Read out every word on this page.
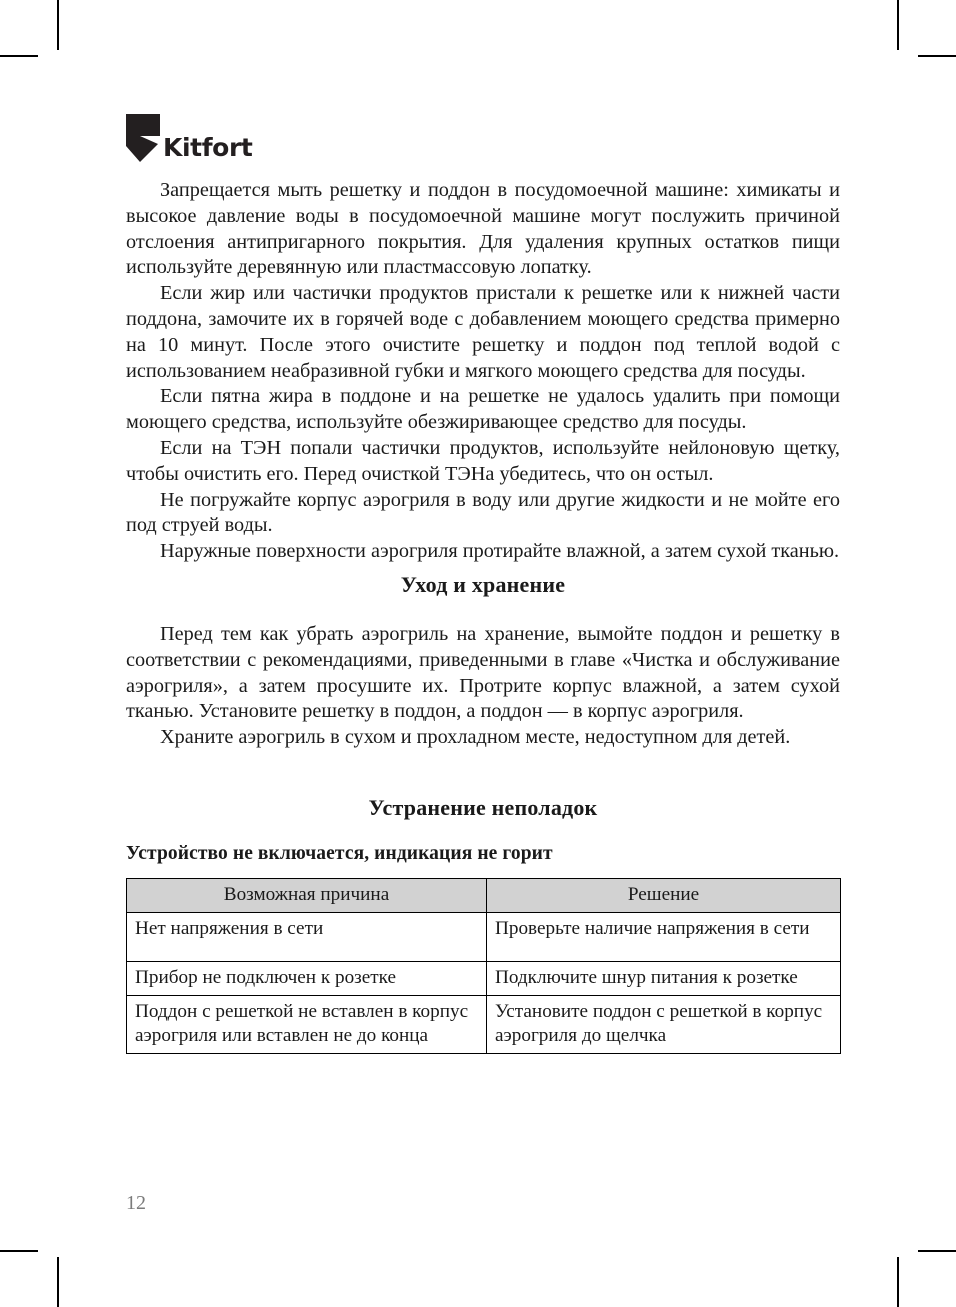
Kitfort

Запрещается мыть решетку и поддон в посудомоечной машине: химикаты и высокое давление воды в посудомоечной машине могут послужить причиной отслоения антипригарного покрытия. Для удаления крупных остатков пищи используйте деревянную или пластмассовую лопатку.

Если жир или частички продуктов пристали к решетке или к нижней части поддона, замочите их в горячей воде с добавлением моющего средства примерно на 10 минут. После этого очистите решетку и поддон под теплой водой с использованием неабразивной губки и мягкого моющего средства для посуды.

Если пятна жира в поддоне и на решетке не удалось удалить при помощи моющего средства, используйте обезжиривающее средство для посуды.

Если на ТЭН попали частички продуктов, используйте нейлоновую щетку, чтобы очистить его. Перед очисткой ТЭНа убедитесь, что он остыл.

Не погружайте корпус аэрогриля в воду или другие жидкости и не мойте его под струей воды.

Наружные поверхности аэрогриля протирайте влажной, а затем сухой тканью.

Уход и хранение

Перед тем как убрать аэрогриль на хранение, вымойте поддон и решетку в соответствии с рекомендациями, приведенными в главе «Чистка и обслуживание аэрогриля», а затем просушите их. Протрите корпус влажной, а затем сухой тканью. Установите решетку в поддон, а поддон — в корпус аэрогриля.

Храните аэрогриль в сухом и прохладном месте, недоступном для детей.

Устранение неполадок
Устройство не включается, индикация не горит
Возможная причина	Решение
Нет напряжения в сети	Проверьте наличие напряжения в сети
Прибор не подключен к розетке	Подключите шнур питания к розетке
Поддон с решеткой не вставлен в корпус аэрогриля или вставлен не до конца	Установите поддон с решеткой в корпус аэрогриля до щелчка
12
